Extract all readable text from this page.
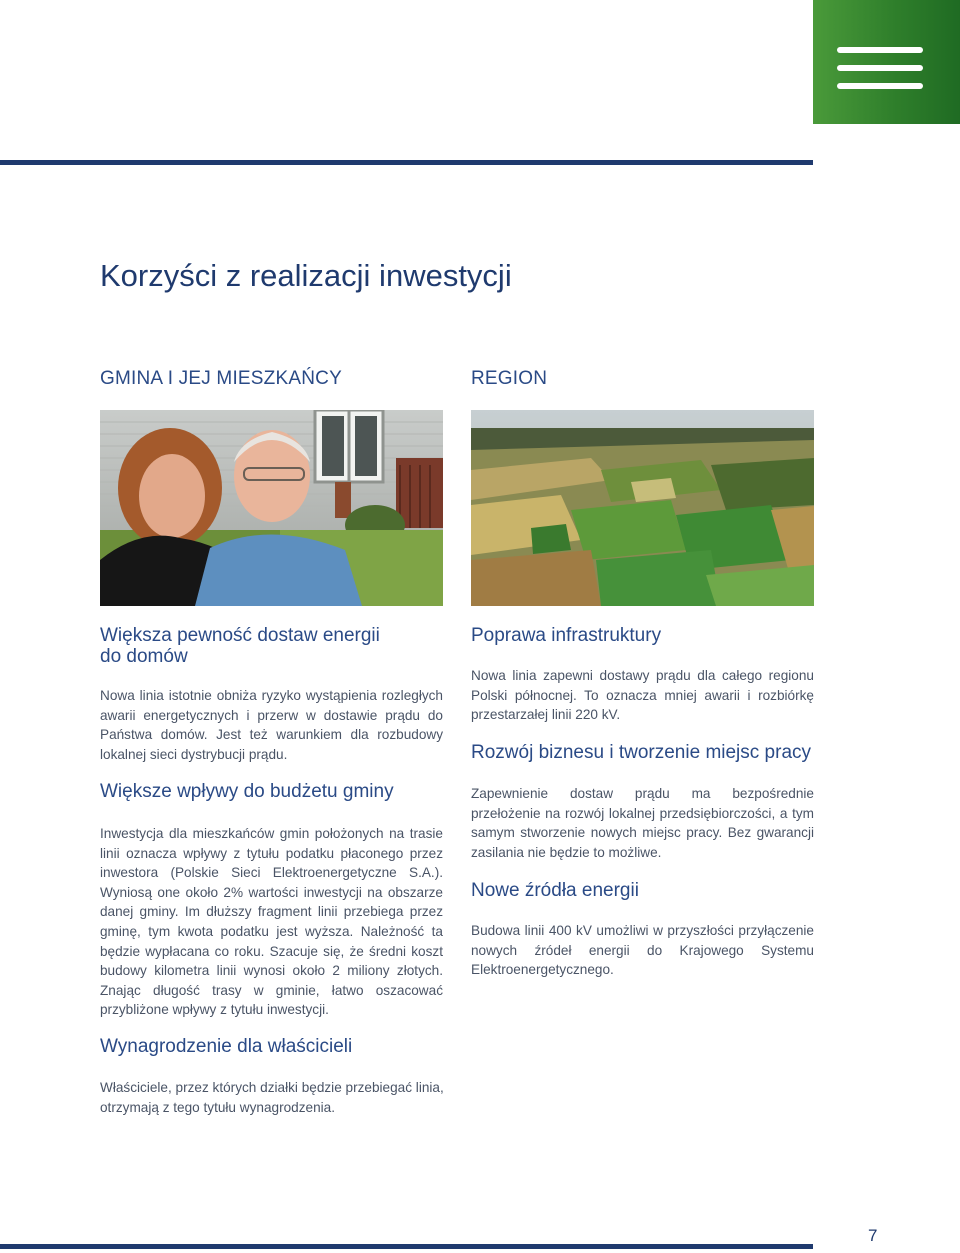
Korzyści z realizacji inwestycji
GMINA I JEJ MIESZKAŃCY	REGION
Większa pewność dostaw energii do domów

Nowa linia istotnie obniża ryzyko wystąpienia rozległych awarii energetycznych i przerw w dostawie prądu do Państwa domów. Jest też warunkiem dla rozbudowy lokalnej sieci dystrybucji prądu.

Większe wpływy do budżetu gminy

Inwestycja dla mieszkańców gmin położonych na trasie linii oznacza wpływy z tytułu podatku płaconego przez inwestora (Polskie Sieci Elektroenergetyczne S.A.). Wyniosą one około 2% wartości inwestycji na obszarze danej gminy. Im dłuższy fragment linii przebiega przez gminę, tym kwota podatku jest wyższa. Należność ta będzie wypłacana co roku. Szacuje się, że średni koszt budowy kilometra linii wynosi około 2 miliony złotych. Znając długość trasy w gminie, łatwo oszacować przybliżone wpływy z tytułu inwestycji.

Wynagrodzenie dla właścicieli

Właściciele, przez których działki będzie przebiegać linia, otrzymają z tego tytułu wynagrodzenia.

Poprawa infrastruktury

Nowa linia zapewni dostawy prądu dla całego regionu Polski północnej. To oznacza mniej awarii i rozbiórkę przestarzałej linii 220 kV.

Rozwój biznesu i tworzenie miejsc pracy

Zapewnienie dostaw prądu ma bezpośrednie przełożenie na rozwój lokalnej przedsiębiorczości, a tym samym stworzenie nowych miejsc pracy. Bez gwarancji zasilania nie będzie to możliwe.

Nowe źródła energii

Budowa linii 400 kV umożliwi w przyszłości przyłączenie nowych źródeł energii do Krajowego Systemu Elektroenergetycznego.

7
